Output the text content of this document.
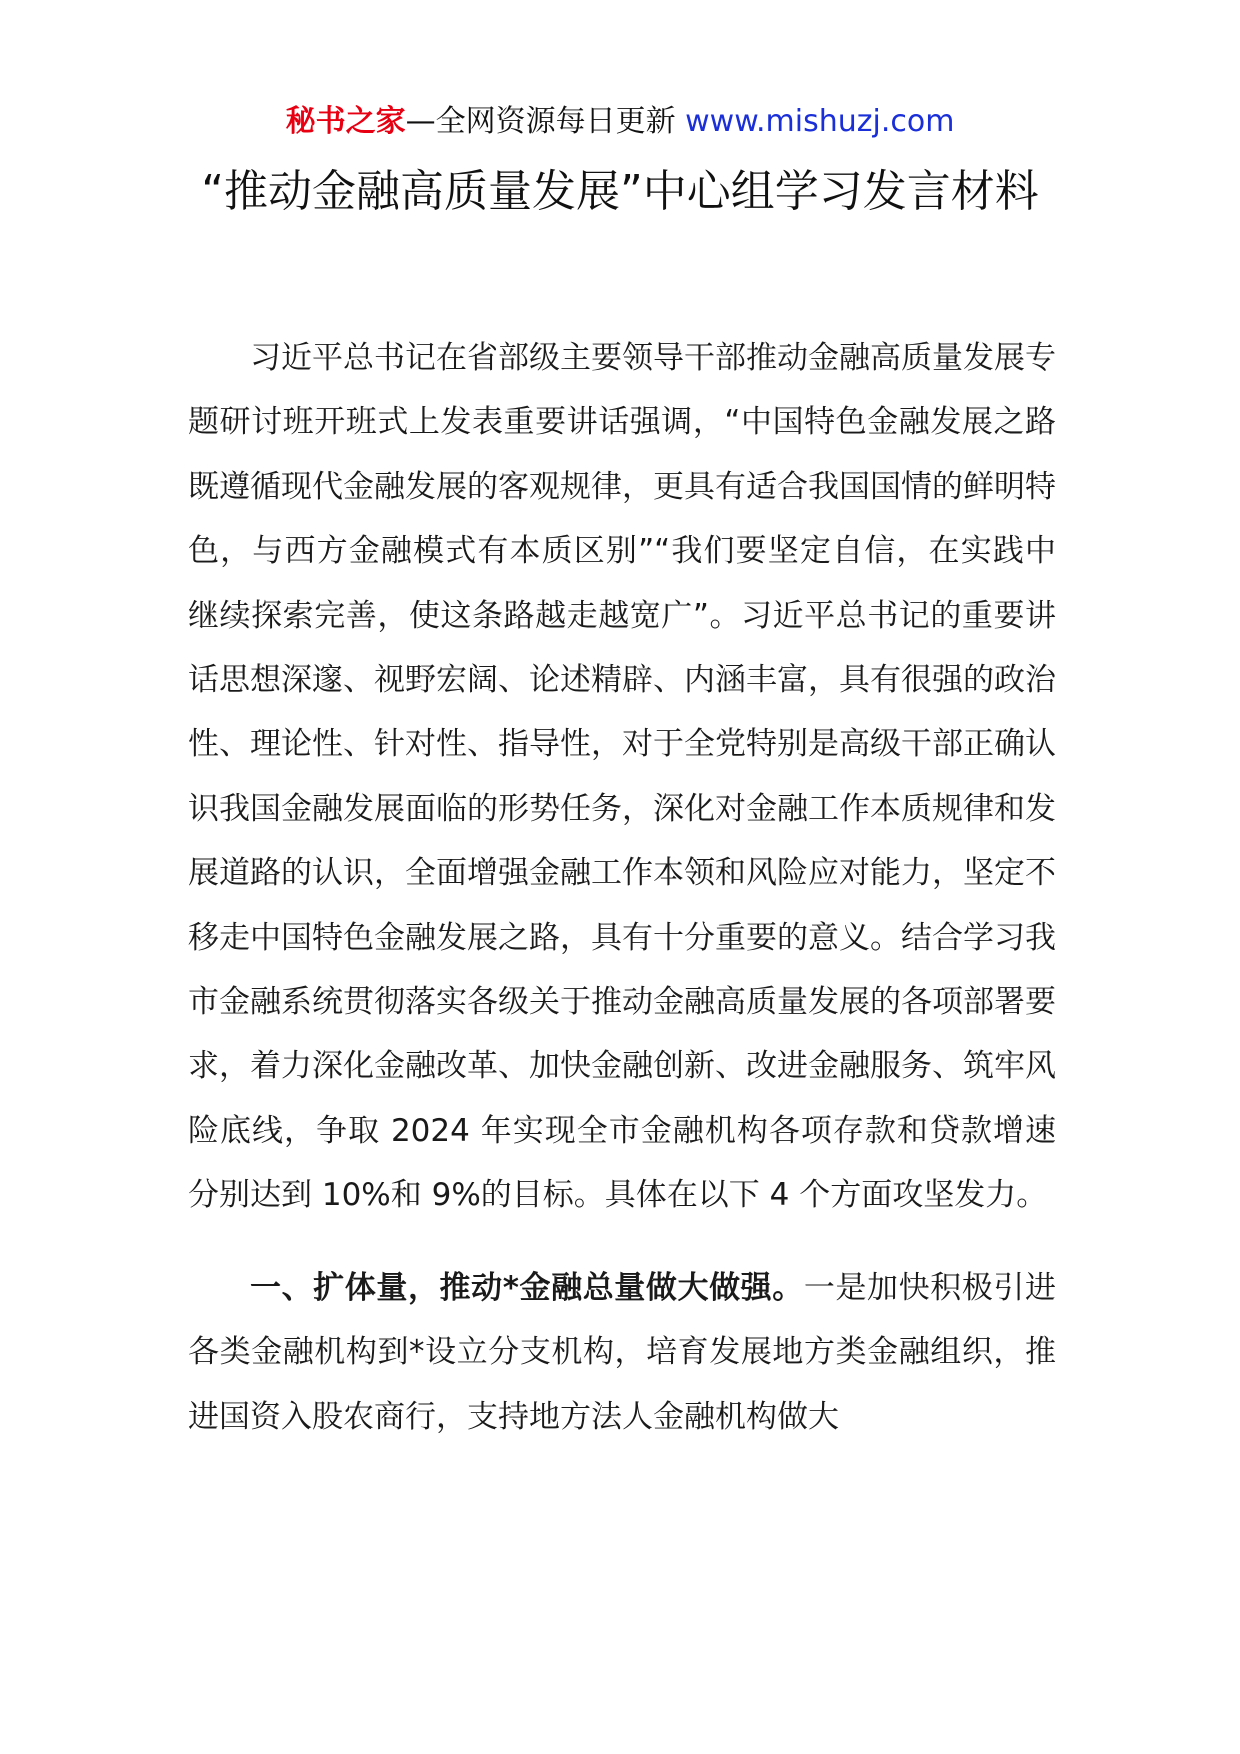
秘书之家—全网资源每日更新 www.mishuzj.com
“推动金融高质量发展”中心组学习发言材料

习近平总书记在省部级主要领导干部推动金融高质量发展专题研讨班开班式上发表重要讲话强调，“中国特色金融发展之路既遵循现代金融发展的客观规律，更具有适合我国国情的鲜明特色，与西方金融模式有本质区别”“我们要坚定自信，在实践中继续探索完善，使这条路越走越宽广”。习近平总书记的重要讲话思想深邃、视野宏阔、论述精辟、内涵丰富，具有很强的政治性、理论性、针对性、指导性，对于全党特别是高级干部正确认识我国金融发展面临的形势任务，深化对金融工作本质规律和发展道路的认识，全面增强金融工作本领和风险应对能力，坚定不移走中国特色金融发展之路，具有十分重要的意义。结合学习我市金融系统贯彻落实各级关于推动金融高质量发展的各项部署要求，着力深化金融改革、加快金融创新、改进金融服务、筑牢风险底线，争取 2024 年实现全市金融机构各项存款和贷款增速分别达到 10%和 9%的目标。具体在以下 4 个方面攻坚发力。

一、扩体量，推动*金融总量做大做强。一是加快积极引进各类金融机构到*设立分支机构，培育发展地方类金融组织，推进国资入股农商行，支持地方法人金融机构做大
